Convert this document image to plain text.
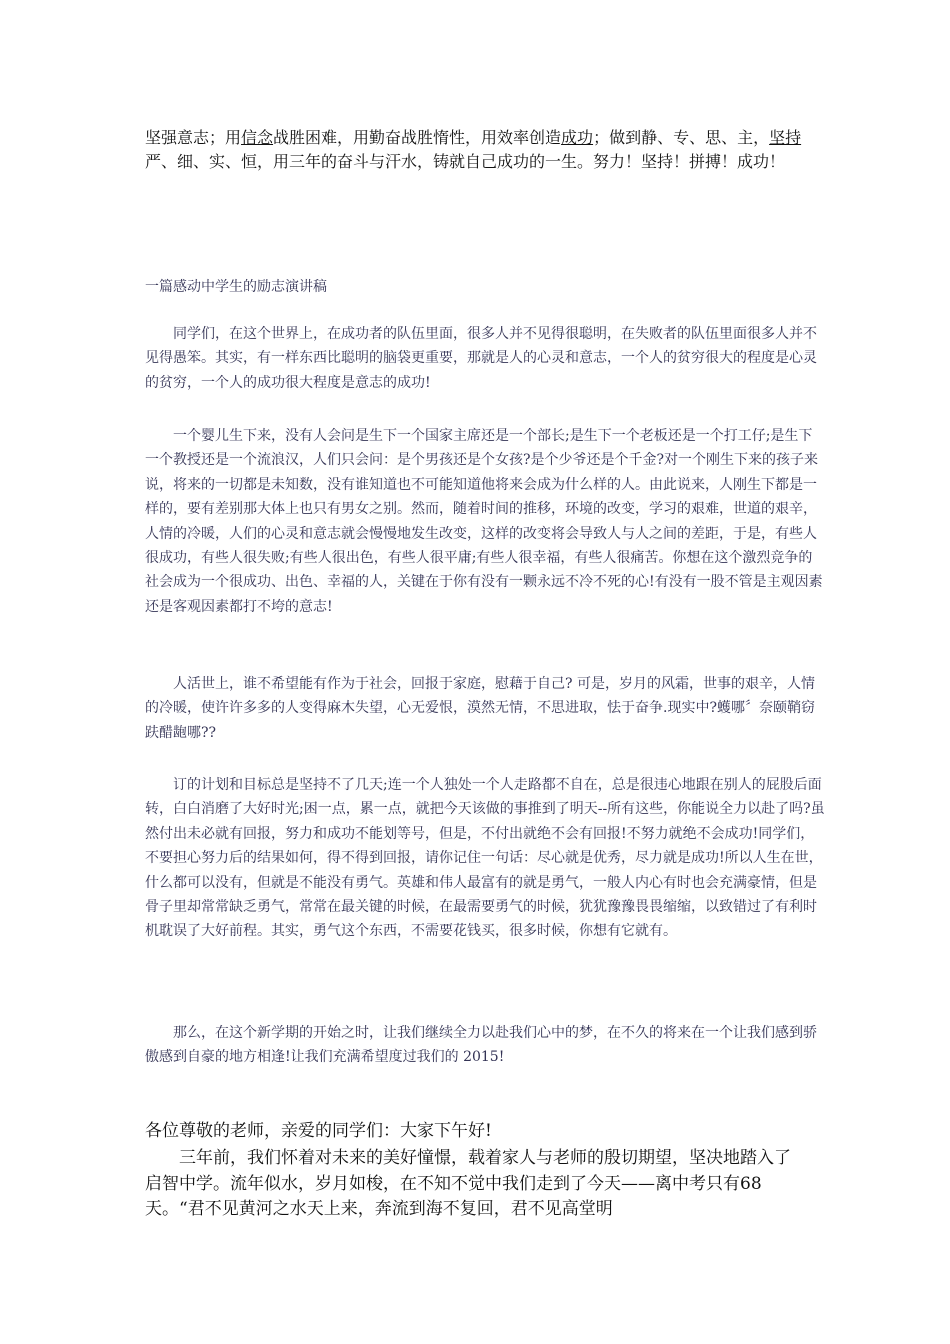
坚强意志；用信念战胜困难，用勤奋战胜惰性，用效率创造成功；做到静、专、思、主，坚持严、细、实、恒，用三年的奋斗与汗水，铸就自己成功的一生。努力！坚持！拼搏！成功！

一篇感动中学生的励志演讲稿

同学们，在这个世界上，在成功者的队伍里面，很多人并不见得很聪明，在失败者的队伍里面很多人并不见得愚笨。其实，有一样东西比聪明的脑袋更重要，那就是人的心灵和意志，一个人的贫穷很大的程度是心灵的贫穷，一个人的成功很大程度是意志的成功!

一个婴儿生下来，没有人会问是生下一个国家主席还是一个部长;是生下一个老板还是一个打工仔;是生下一个教授还是一个流浪汉，人们只会问：是个男孩还是个女孩?是个少爷还是个千金?对一个刚生下来的孩子来说，将来的一切都是未知数，没有谁知道也不可能知道他将来会成为什么样的人。由此说来，人刚生下都是一样的，要有差别那大体上也只有男女之别。然而，随着时间的推移，环境的改变，学习的艰难，世道的艰辛，人情的冷暖，人们的心灵和意志就会慢慢地发生改变，这样的改变将会导致人与人之间的差距，于是，有些人很成功，有些人很失败;有些人很出色，有些人很平庸;有些人很幸福，有些人很痛苦。你想在这个激烈竞争的社会成为一个很成功、出色、幸福的人，关键在于你有没有一颗永远不冷不死的心!有没有一股不管是主观因素还是客观因素都打不垮的意志!

人活世上，谁不希望能有作为于社会，回报于家庭，慰藉于自己? 可是，岁月的风霜，世事的艰辛，人情的冷暖，使许许多多的人变得麻木失望，心无爱恨，漠然无情，不思进取，怯于奋争.现实中?蠖哪〞奈颐鞘窃趺醋龅哪??

订的计划和目标总是坚持不了几天;连一个人独处一个人走路都不自在，总是很违心地跟在别人的屁股后面转，白白消磨了大好时光;困一点，累一点，就把今天该做的事推到了明天--所有这些，你能说全力以赴了吗?虽然付出未必就有回报，努力和成功不能划等号，但是，不付出就绝不会有回报!不努力就绝不会成功!同学们，不要担心努力后的结果如何，得不得到回报，请你记住一句话：尽心就是优秀，尽力就是成功!所以人生在世，什么都可以没有，但就是不能没有勇气。英雄和伟人最富有的就是勇气，一般人内心有时也会充满豪情，但是骨子里却常常缺乏勇气，常常在最关键的时候，在最需要勇气的时候，犹犹豫豫畏畏缩缩，以致错过了有利时机耽误了大好前程。其实，勇气这个东西，不需要花钱买，很多时候，你想有它就有。

那么，在这个新学期的开始之时，让我们继续全力以赴我们心中的梦，在不久的将来在一个让我们感到骄傲感到自豪的地方相逢!让我们充满希望度过我们的 2015!

各位尊敬的老师，亲爱的同学们：大家下午好!

三年前，我们怀着对未来的美好憧憬，载着家人与老师的殷切期望，坚决地踏入了启智中学。流年似水，岁月如梭，在不知不觉中我们走到了今天——离中考只有68天。“君不见黄河之水天上来，奔流到海不复回，君不见高堂明
